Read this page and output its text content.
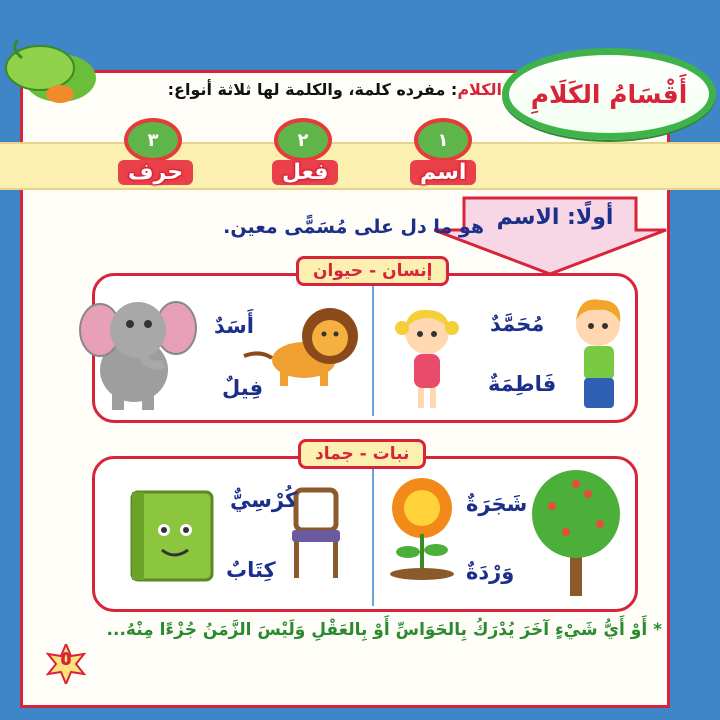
أَقْسَامُ الكَلَامِ
الكلام: مفرده كلمة، والكلمة لها ثلاثة أنواع:
١
اسم
٢
فعل
٣
حرف
أولًا: الاسم
هو ما دل على مُسَمًّى معين.
إنسان - حيوان
مُحَمَّدٌ
فَاطِمَةٌ
أَسَدٌ
فِيلٌ
نبات - جماد
شَجَرَةٌ
وَرْدَةٌ
كُرْسِيٌّ
كِتَابٌ
* أَوْ أَيُّ شَيْءٍ آخَرَ يُدْرَكُ بِالحَوَاسِّ أَوْ بِالعَقْلِ وَلَيْسَ الزَّمَنُ جُزْءًا مِنْهُ...
٥
